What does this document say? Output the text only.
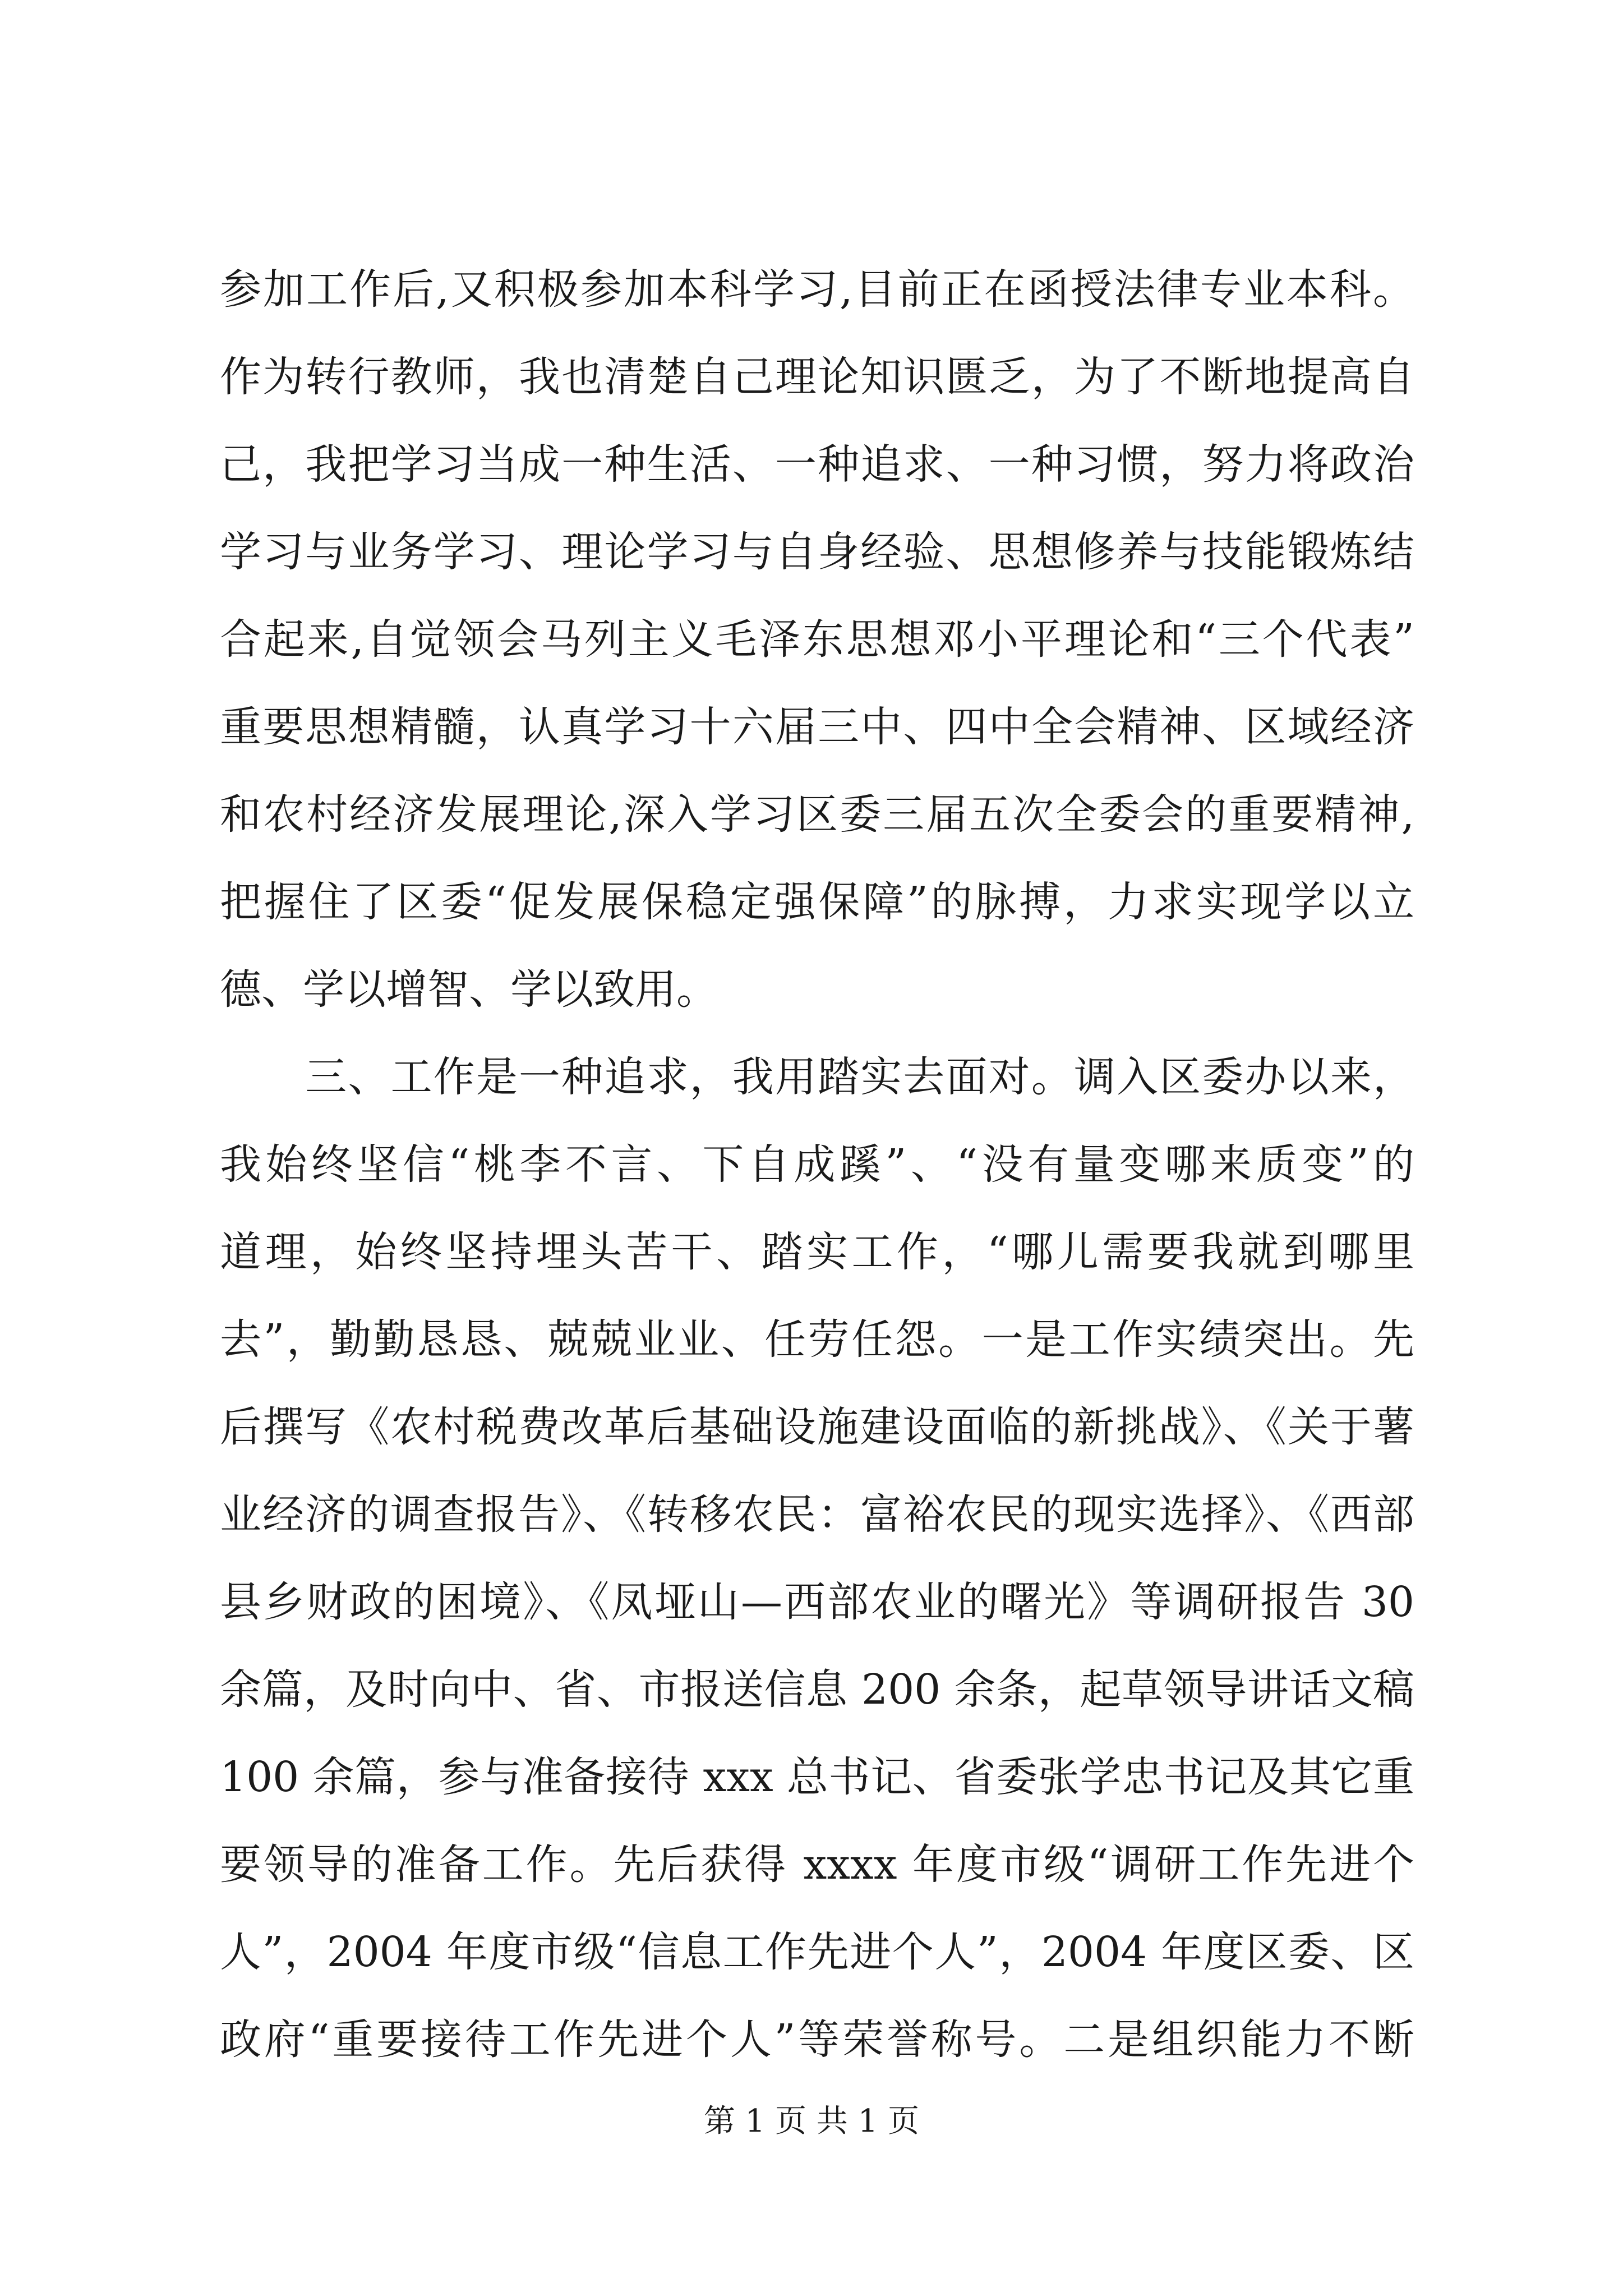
参加工作后,又积极参加本科学习,目前正在函授法律专业本科。
作为转行教师，我也清楚自己理论知识匮乏，为了不断地提高自
己，我把学习当成一种生活、一种追求、一种习惯，努力将政治
学习与业务学习、理论学习与自身经验、思想修养与技能锻炼结
合起来,自觉领会马列主义毛泽东思想邓小平理论和“三个代表”
重要思想精髓，认真学习十六届三中、四中全会精神、区域经济
和农村经济发展理论,深入学习区委三届五次全委会的重要精神,
把握住了区委“促发展保稳定强保障”的脉搏，力求实现学以立
德、学以增智、学以致用。
　　三、工作是一种追求，我用踏实去面对。调入区委办以来，
我始终坚信“桃李不言、下自成蹊”、“没有量变哪来质变”的
道理，始终坚持埋头苦干、踏实工作，“哪儿需要我就到哪里
去”，勤勤恳恳、兢兢业业、任劳任怨。一是工作实绩突出。先
后撰写《农村税费改革后基础设施建设面临的新挑战》、《关于薯
业经济的调查报告》、《转移农民：富裕农民的现实选择》、《西部
县乡财政的困境》、《凤垭山—西部农业的曙光》等调研报告 30
余篇，及时向中、省、市报送信息 200 余条，起草领导讲话文稿
100 余篇，参与准备接待 xxx 总书记、省委张学忠书记及其它重
要领导的准备工作。先后获得 xxxx 年度市级“调研工作先进个
人”，2004 年度市级“信息工作先进个人”，2004 年度区委、区
政府“重要接待工作先进个人”等荣誉称号。二是组织能力不断
第 1 页 共 1 页
